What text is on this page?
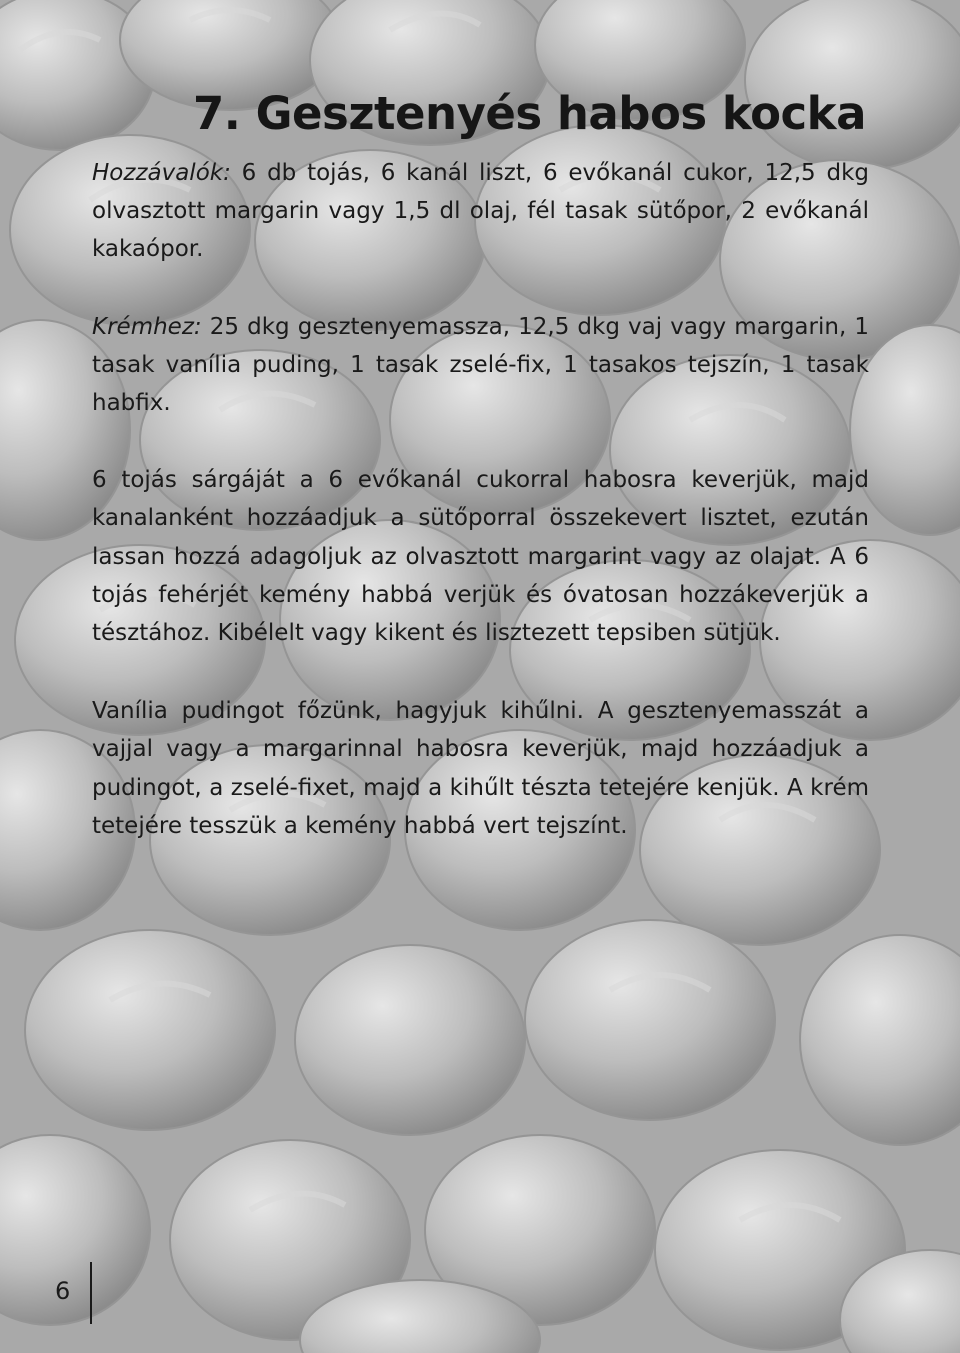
7. Gesztenyés habos kocka

Hozzávalók: 6 db tojás, 6 kanál liszt, 6 evőkanál cukor, 12,5 dkg olvasztott margarin vagy 1,5 dl olaj, fél tasak sütőpor, 2 evőkanál kakaópor.

Krémhez: 25 dkg gesztenyemassza, 12,5 dkg vaj vagy margarin, 1 tasak vanília puding, 1 tasak zselé-fix, 1 tasakos tejszín, 1 tasak habfix.

6 tojás sárgáját a 6 evőkanál cukorral habosra keverjük, majd kanalanként hozzáadjuk a sütőporral összekevert lisztet, ezután lassan hozzá adagoljuk az olvasztott margarint vagy az olajat. A 6 tojás fehérjét kemény habbá verjük és óvatosan hozzákeverjük a tésztához. Kibélelt vagy kikent és lisztezett tepsiben sütjük.

Vanília pudingot főzünk, hagyjuk kihűlni. A gesztenyemasszát a vajjal vagy a margarinnal habosra keverjük, majd hozzáadjuk a pudingot, a zselé-fixet, majd a kihűlt tészta tetejére kenjük. A krém tetejére tesszük a kemény habbá vert tejszínt.

6
